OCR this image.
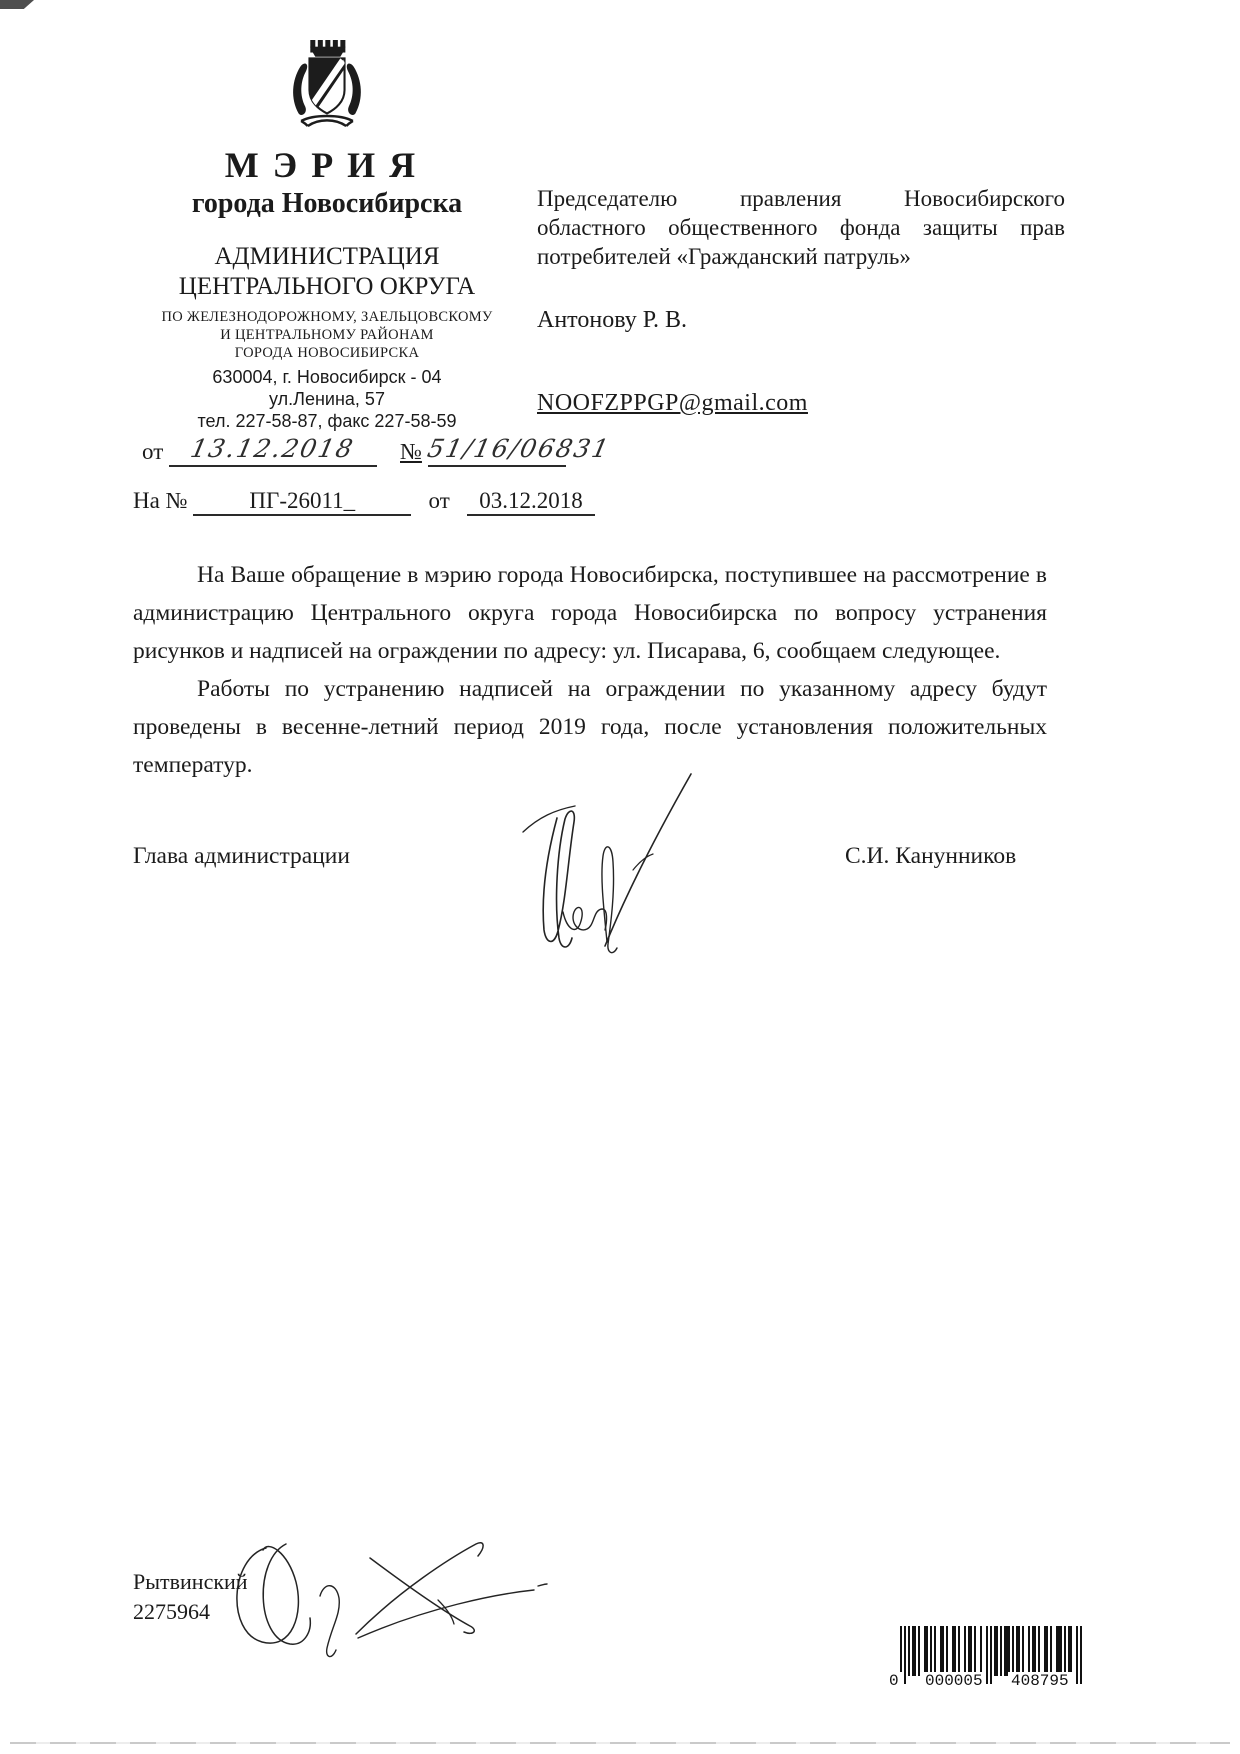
МЭРИЯ
города Новосибирска
АДМИНИСТРАЦИЯ
ЦЕНТРАЛЬНОГО ОКРУГА
ПО ЖЕЛЕЗНОДОРОЖНОМУ, ЗАЕЛЬЦОВСКОМУ
И ЦЕНТРАЛЬНОМУ РАЙОНАМ
ГОРОДА НОВОСИБИРСКА
630004, г. Новосибирск - 04
ул.Ленина, 57
тел. 227-58-87, факс 227-58-59
от 13.12.2018 № 51/16/06831
На №	ПГ-26011_	от 03.12.2018

Председателю правления Новосибирского областного общественного фонда защиты прав потребителей «Гражданский патруль»

Антонову Р. В.

NOOFZPPGP@gmail.com

На Ваше обращение в мэрию города Новосибирска, поступившее на рассмотрение в администрацию Центрального округа города Новосибирска по вопросу устранения рисунков и надписей на ограждении по адресу: ул. Писарава, 6, сообщаем следующее.

Работы по устранению надписей на ограждении по указанному адресу будут проведены в весенне-летний период 2019 года, после установления положительных температур.

Глава администрации	С.И. Канунников
Рытвинский
2275964
0 000005 408795
